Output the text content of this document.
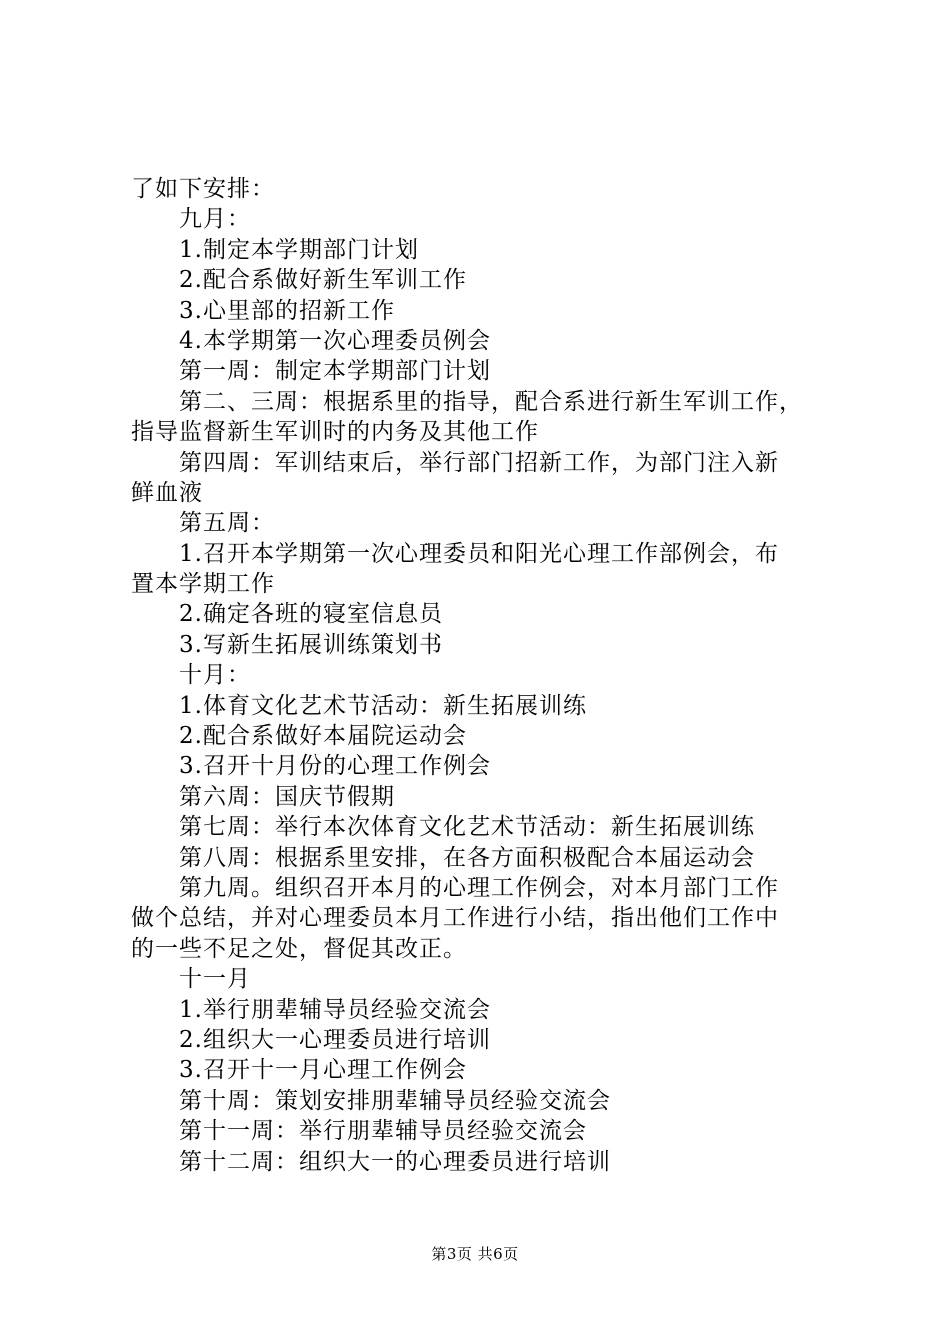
了如下安排：
九月：
1.制定本学期部门计划
2.配合系做好新生军训工作
3.心里部的招新工作
4.本学期第一次心理委员例会
第一周：制定本学期部门计划
第二、三周：根据系里的指导，配合系进行新生军训工作，
指导监督新生军训时的内务及其他工作
第四周：军训结束后，举行部门招新工作，为部门注入新
鲜血液
第五周：
1.召开本学期第一次心理委员和阳光心理工作部例会，布
置本学期工作
2.确定各班的寝室信息员
3.写新生拓展训练策划书
十月：
1.体育文化艺术节活动：新生拓展训练
2.配合系做好本届院运动会
3.召开十月份的心理工作例会
第六周：国庆节假期
第七周：举行本次体育文化艺术节活动：新生拓展训练
第八周：根据系里安排，在各方面积极配合本届运动会
第九周。组织召开本月的心理工作例会，对本月部门工作
做个总结，并对心理委员本月工作进行小结，指出他们工作中
的一些不足之处，督促其改正。
十一月
1.举行朋辈辅导员经验交流会
2.组织大一心理委员进行培训
3.召开十一月心理工作例会
第十周：策划安排朋辈辅导员经验交流会
第十一周：举行朋辈辅导员经验交流会
第十二周：组织大一的心理委员进行培训
第3页 共6页
